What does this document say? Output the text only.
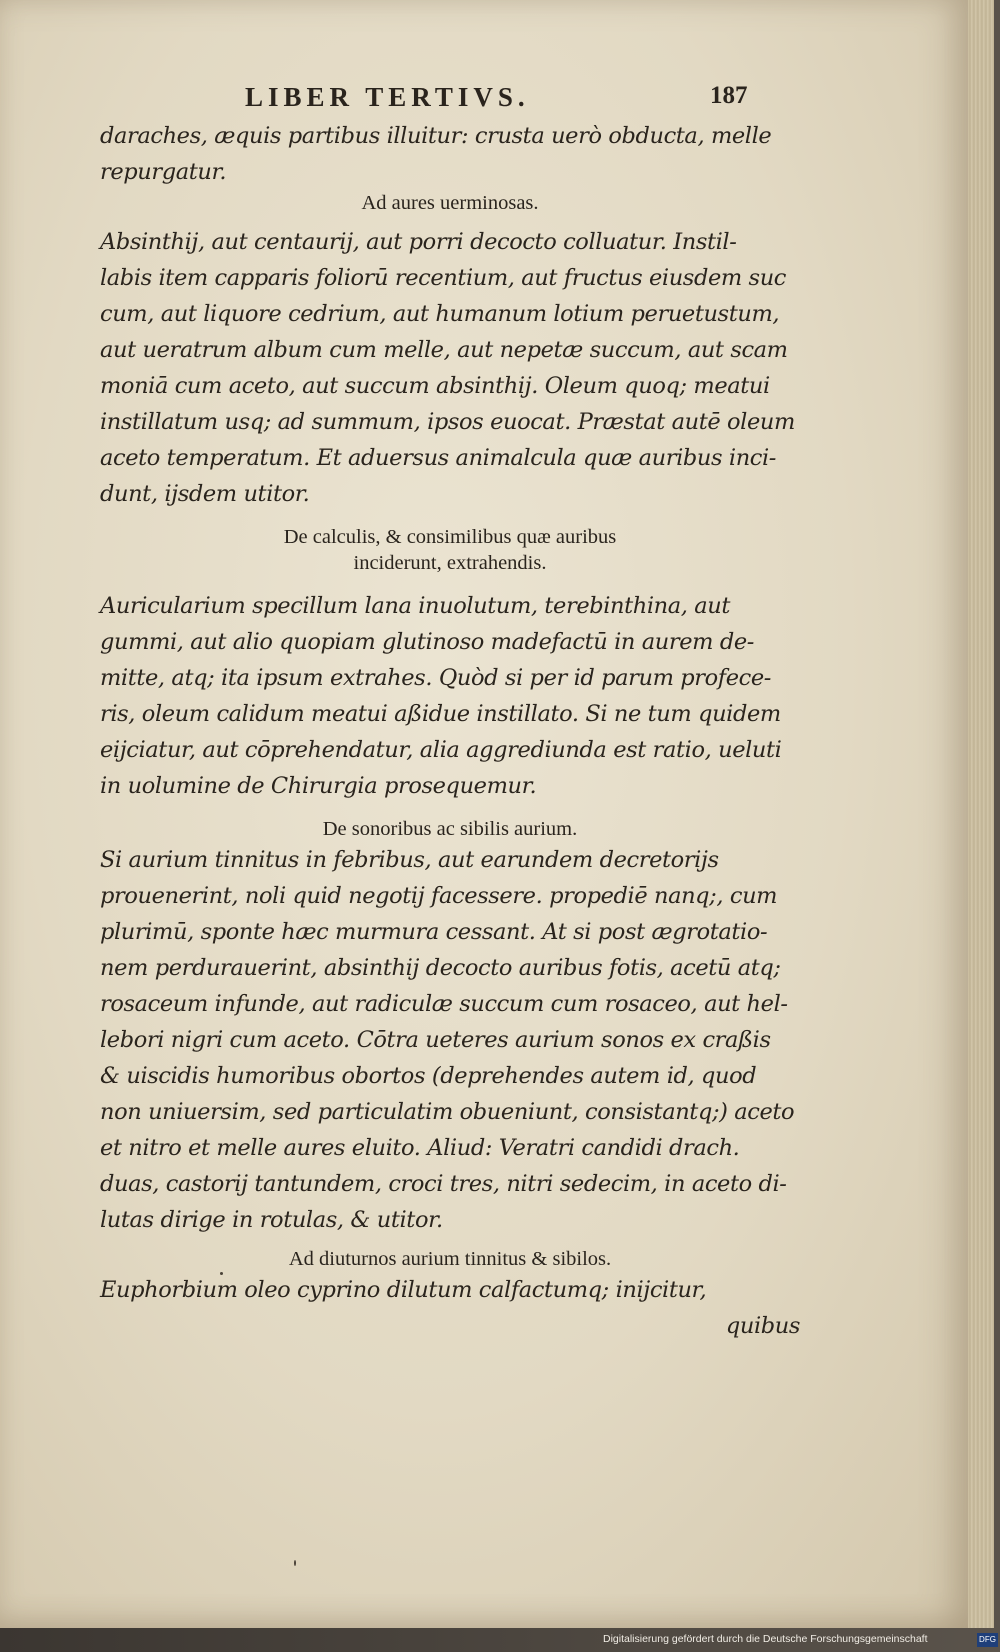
LIBER TERTIVS.	187
daraches, æquis partibus illuitur: crusta uerò obducta, melle
repurgatur.
Ad aures uerminosas.
Absinthij, aut centaurij, aut porri decocto colluatur. Instil-
labis item capparis foliorū recentium, aut fructus eiusdem suc
cum, aut liquore cedrium, aut humanum lotium peruetustum,
aut ueratrum album cum melle, aut nepetæ succum, aut scam
moniā cum aceto, aut succum absinthij. Oleum quoq; meatui
instillatum usq; ad summum, ipsos euocat. Præstat autē oleum
aceto temperatum. Et aduersus animalcula quæ auribus inci-
dunt, ijsdem utitor.
De calculis, & consimilibus quæ auribus
inciderunt, extrahendis.
Auricularium specillum lana inuolutum, terebinthina, aut
gummi, aut alio quopiam glutinoso madefactū in aurem de-
mitte, atq; ita ipsum extrahes. Quòd si per id parum profece-
ris, oleum calidum meatui aßidue instillato. Si ne tum quidem
eijciatur, aut cōprehendatur, alia aggrediunda est ratio, ueluti
in uolumine de Chirurgia prosequemur.
De sonoribus ac sibilis aurium.
Si aurium tinnitus in febribus, aut earundem decretorijs
prouenerint, noli quid negotij facessere. propediē nanq;, cum
plurimū, sponte hæc murmura cessant. At si post ægrotatio-
nem perdurauerint, absinthij decocto auribus fotis, acetū atq;
rosaceum infunde, aut radiculæ succum cum rosaceo, aut hel-
lebori nigri cum aceto. Cōtra ueteres aurium sonos ex craßis
& uiscidis humoribus obortos (deprehendes autem id, quod
non uniuersim, sed particulatim obueniunt, consistantq;) aceto
et nitro et melle aures eluito. Aliud: Veratri candidi drach.
duas, castorij tantundem, croci tres, nitri sedecim, in aceto di-
lutas dirige in rotulas, & utitor.
Ad diuturnos aurium tinnitus & sibilos.
Euphorbium oleo cyprino dilutum calfactumq; inijcitur,
quibus
Digitalisierung gefördert durch die Deutsche Forschungsgemeinschaft	DFG
